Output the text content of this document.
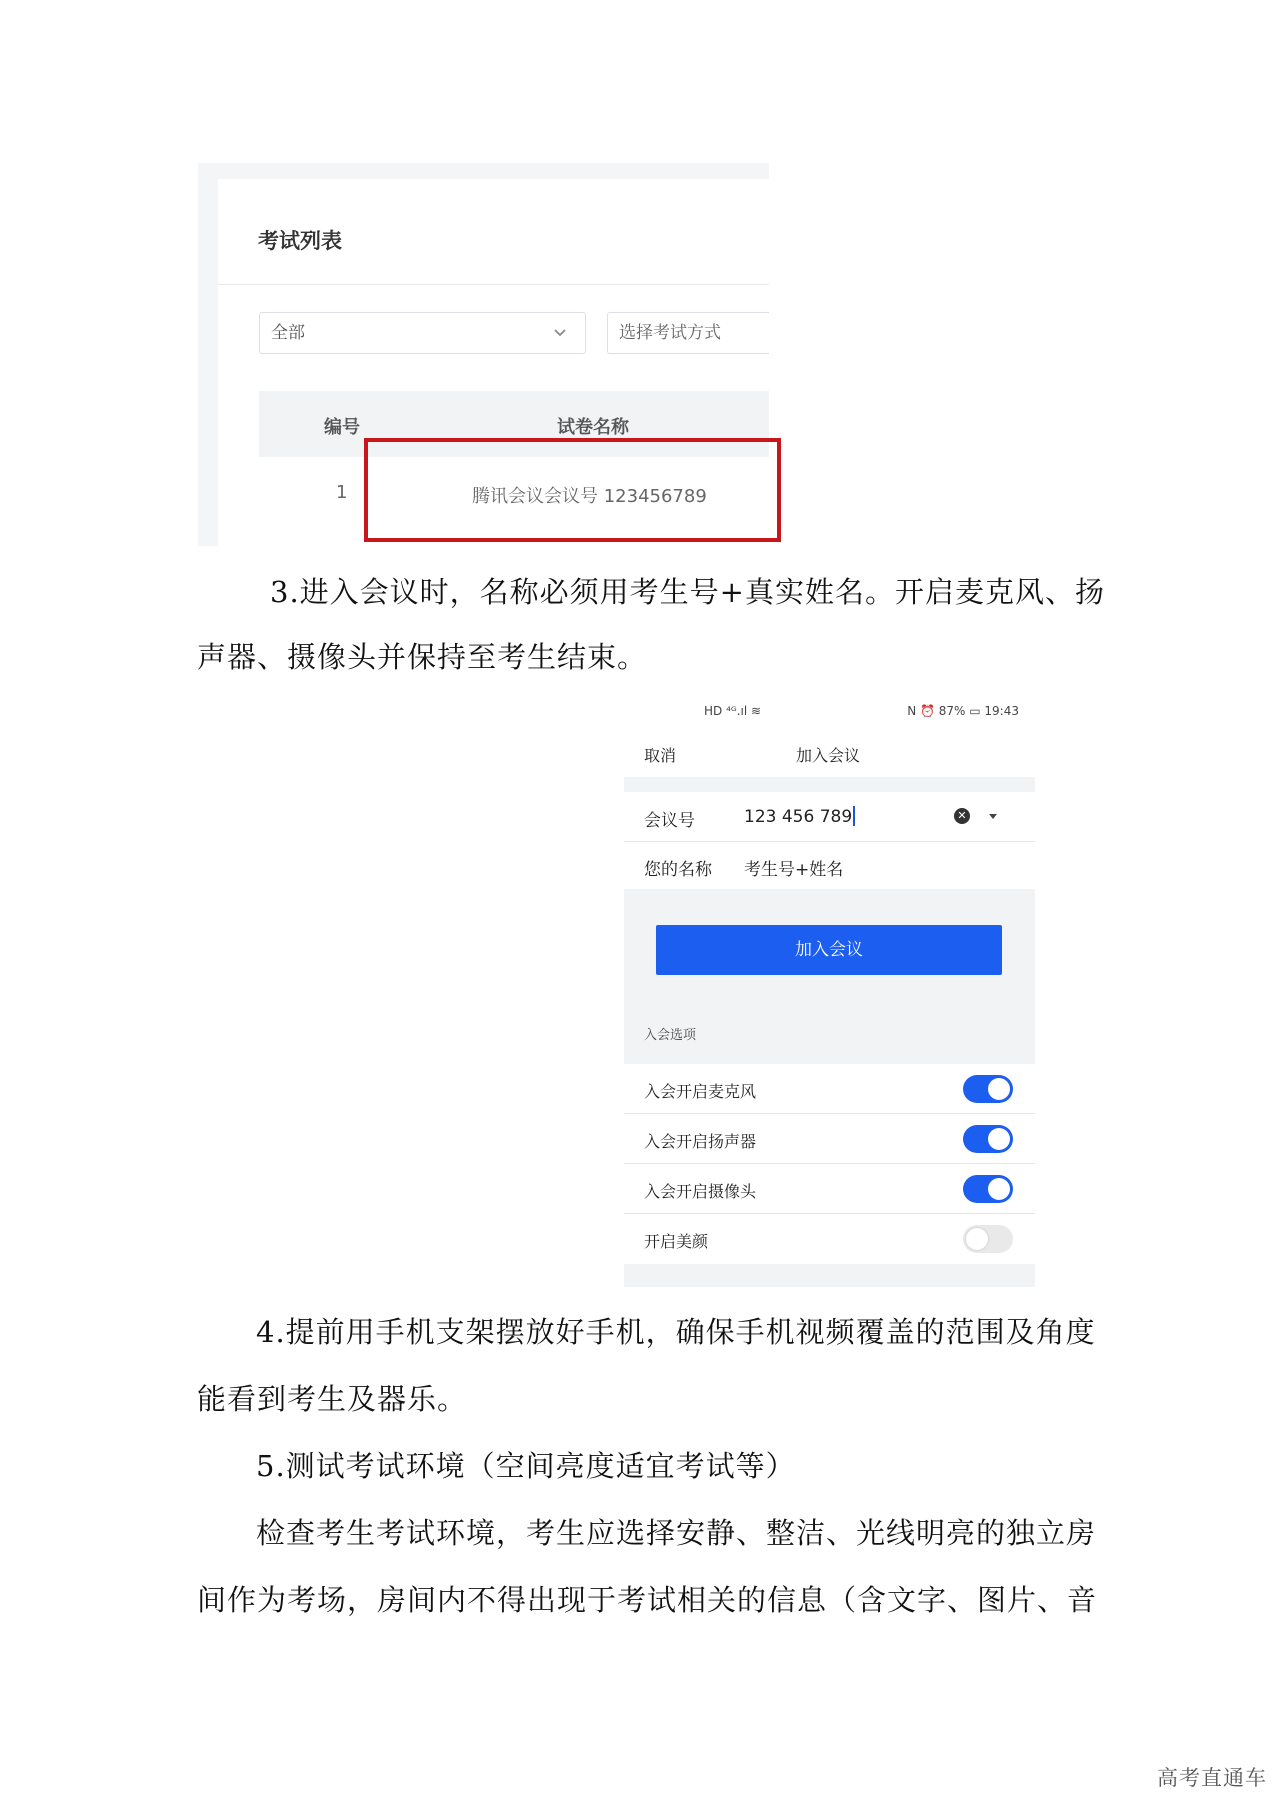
考试列表
全部	选择考试方式
编号	试卷名称
1	腾讯会议会议号 123456789
3.进入会议时，名称必须用考生号+真实姓名。开启麦克风、扬
声器、摄像头并保持至考生结束。
HD ⁴ᴳ.ıl ≋	N ⏰ 87% ▭ 19:43
取消	加入会议
会议号	123 456 789	✕
您的名称 考生号+姓名
加入会议
入会选项
入会开启麦克风
入会开启扬声器
入会开启摄像头
开启美颜
4.提前用手机支架摆放好手机，确保手机视频覆盖的范围及角度
能看到考生及器乐。
5.测试考试环境（空间亮度适宜考试等）
检查考生考试环境，考生应选择安静、整洁、光线明亮的独立房
间作为考场，房间内不得出现于考试相关的信息（含文字、图片、音
高考直通车
